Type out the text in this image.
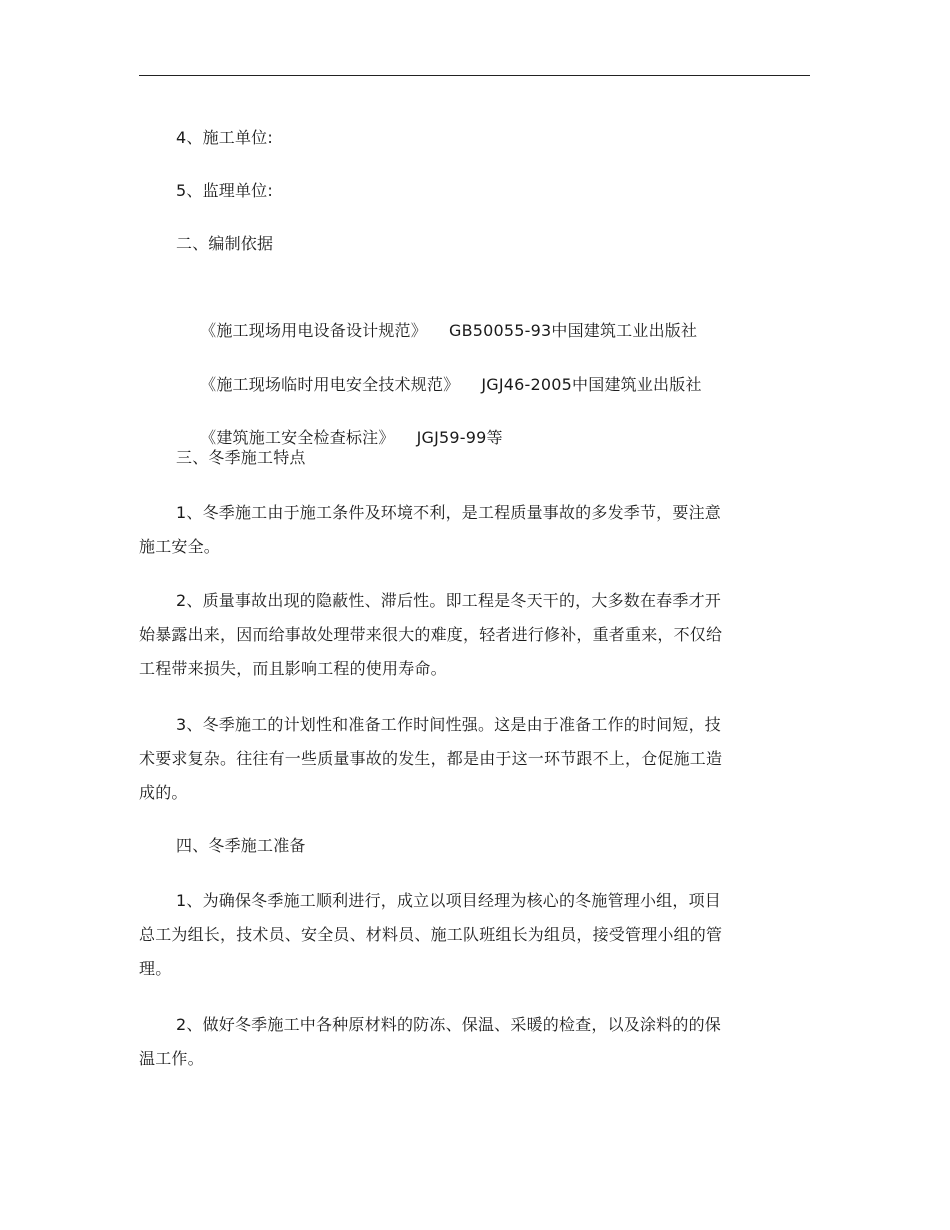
4、施工单位:
5、监理单位:
二、编制依据

《施工现场用电设备设计规范》 GB50055-93中国建筑工业出版社

《施工现场临时用电安全技术规范》 JGJ46-2005中国建筑业出版社

《建筑施工安全检查标注》 JGJ59-99等

三、冬季施工特点
1、冬季施工由于施工条件及环境不利，是工程质量事故的多发季节，要注意
施工安全。
2、质量事故出现的隐蔽性、滞后性。即工程是冬天干的，大多数在春季才开
始暴露出来，因而给事故处理带来很大的难度，轻者进行修补，重者重来，不仅给
工程带来损失，而且影响工程的使用寿命。
3、冬季施工的计划性和准备工作时间性强。这是由于准备工作的时间短，技
术要求复杂。往往有一些质量事故的发生，都是由于这一环节跟不上，仓促施工造
成的。
四、冬季施工准备
1、为确保冬季施工顺利进行，成立以项目经理为核心的冬施管理小组，项目
总工为组长，技术员、安全员、材料员、施工队班组长为组员，接受管理小组的管
理。
2、做好冬季施工中各种原材料的防冻、保温、采暖的检查，以及涂料的的保
温工作。
